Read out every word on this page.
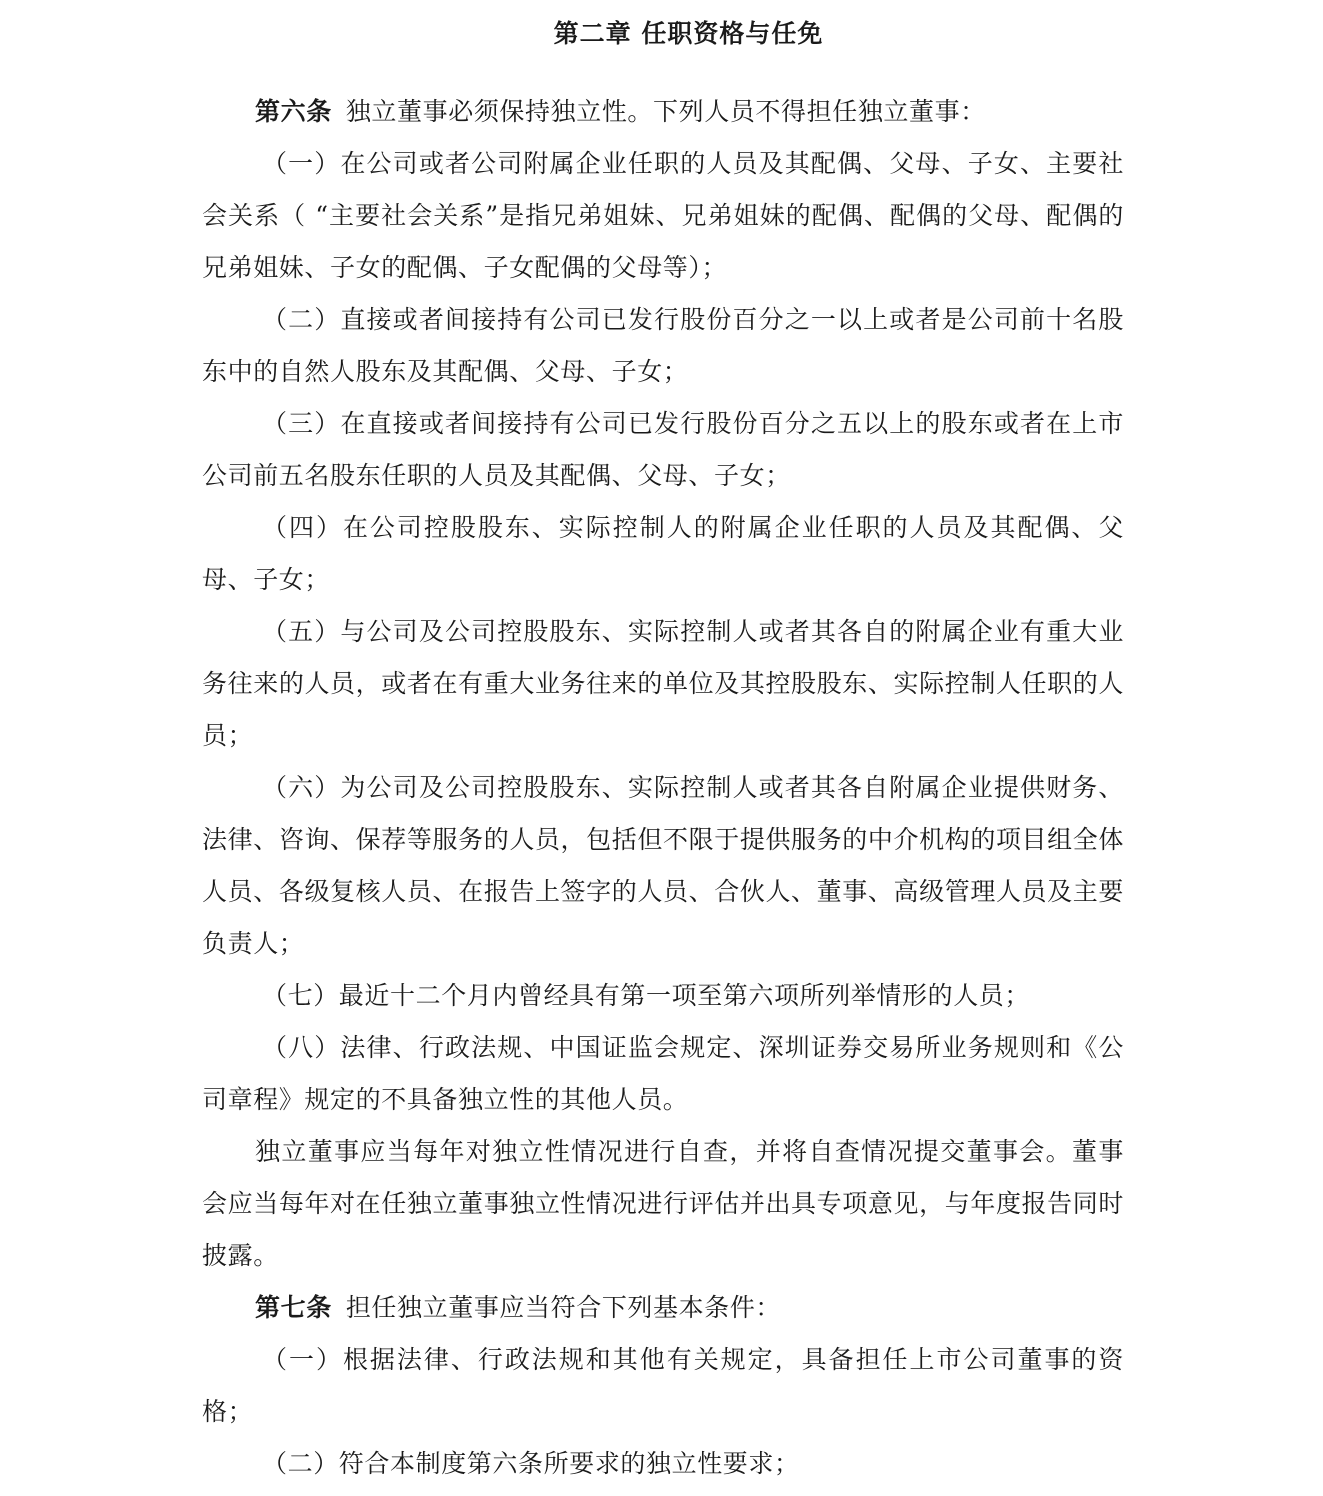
第二章 任职资格与任免

第六条 独立董事必须保持独立性。下列人员不得担任独立董事：

（一）在公司或者公司附属企业任职的人员及其配偶、父母、子女、主要社会关系（ “主要社会关系”是指兄弟姐妹、兄弟姐妹的配偶、配偶的父母、配偶的兄弟姐妹、子女的配偶、子女配偶的父母等）；

（二）直接或者间接持有公司已发行股份百分之一以上或者是公司前十名股东中的自然人股东及其配偶、父母、子女；

（三）在直接或者间接持有公司已发行股份百分之五以上的股东或者在上市公司前五名股东任职的人员及其配偶、父母、子女；

（四）在公司控股股东、实际控制人的附属企业任职的人员及其配偶、父母、子女；

（五）与公司及公司控股股东、实际控制人或者其各自的附属企业有重大业务往来的人员，或者在有重大业务往来的单位及其控股股东、实际控制人任职的人员；

（六）为公司及公司控股股东、实际控制人或者其各自附属企业提供财务、法律、咨询、保荐等服务的人员，包括但不限于提供服务的中介机构的项目组全体人员、各级复核人员、在报告上签字的人员、合伙人、董事、高级管理人员及主要负责人；

（七）最近十二个月内曾经具有第一项至第六项所列举情形的人员；

（八）法律、行政法规、中国证监会规定、深圳证券交易所业务规则和《公司章程》规定的不具备独立性的其他人员。

独立董事应当每年对独立性情况进行自查，并将自查情况提交董事会。董事会应当每年对在任独立董事独立性情况进行评估并出具专项意见，与年度报告同时披露。

第七条 担任独立董事应当符合下列基本条件：

（一）根据法律、行政法规和其他有关规定，具备担任上市公司董事的资格；

（二）符合本制度第六条所要求的独立性要求；
